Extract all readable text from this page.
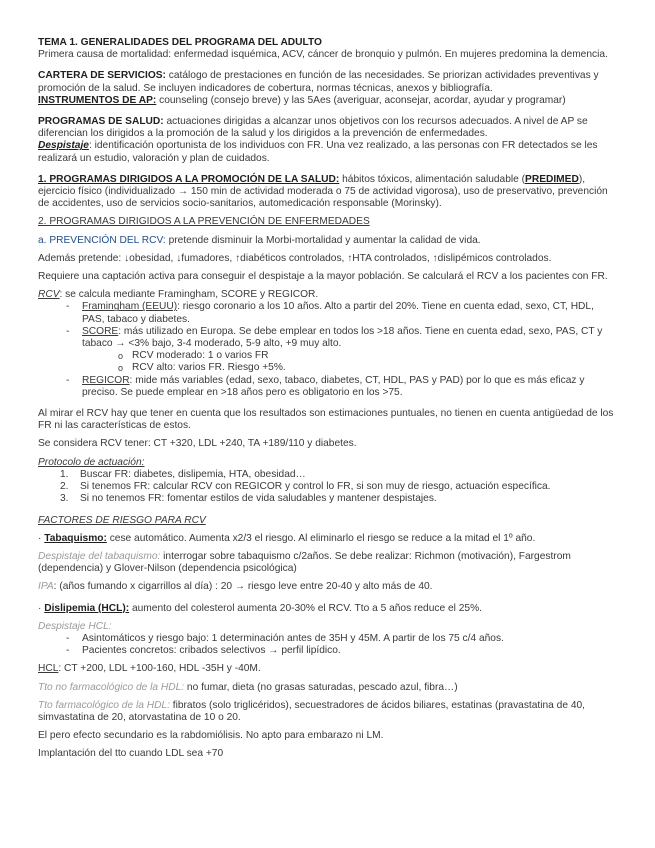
TEMA 1. GENERALIDADES DEL PROGRAMA DEL ADULTO

Primera causa de mortalidad: enfermedad isquémica, ACV, cáncer de bronquio y pulmón. En mujeres predomina la demencia.

CARTERA DE SERVICIOS: catálogo de prestaciones en función de las necesidades. Se priorizan actividades preventivas y promoción de la salud. Se incluyen indicadores de cobertura, normas técnicas, anexos y bibliografía.

INSTRUMENTOS DE AP: counseling (consejo breve) y las 5Aes (averiguar, aconsejar, acordar, ayudar y programar)

PROGRAMAS DE SALUD: actuaciones dirigidas a alcanzar unos objetivos con los recursos adecuados. A nivel de AP se diferencian los dirigidos a la promoción de la salud y los dirigidos a la prevención de enfermedades.

Despistaje: identificación oportunista de los individuos con FR. Una vez realizado, a las personas con FR detectados se les realizará un estudio, valoración y plan de cuidados.

1. PROGRAMAS DIRIGIDOS A LA PROMOCIÓN DE LA SALUD: hábitos tóxicos, alimentación saludable (PREDIMED), ejercicio físico (individualizado → 150 min de actividad moderada o 75 de actividad vigorosa), uso de preservativo, prevención de accidentes, uso de servicios socio-sanitarios, automedicación responsable (Morinsky).

2. PROGRAMAS DIRIGIDOS A LA PREVENCIÓN DE ENFERMEDADES

a. PREVENCIÓN DEL RCV: pretende disminuir la Morbi-mortalidad y aumentar la calidad de vida.

Además pretende: ↓obesidad, ↓fumadores, ↑diabéticos controlados, ↑HTA controlados, ↑dislipémicos controlados.

Requiere una captación activa para conseguir el despistaje a la mayor población. Se calculará el RCV a los pacientes con FR.

RCV: se calcula mediante Framingham, SCORE y REGICOR.

- Framingham (EEUU): riesgo coronario a los 10 años. Alto a partir del 20%. Tiene en cuenta edad, sexo, CT, HDL, PAS, tabaco y diabetes.
- SCORE: más utilizado en Europa. Se debe emplear en todos los >18 años. Tiene en cuenta edad, sexo, PAS, CT y tabaco → <3% bajo, 3-4 moderado, 5-9 alto, +9 muy alto.
o RCV moderado: 1 o varios FR
o RCV alto: varios FR. Riesgo +5%.
- REGICOR: mide más variables (edad, sexo, tabaco, diabetes, CT, HDL, PAS y PAD) por lo que es más eficaz y preciso. Se puede emplear en >18 años pero es obligatorio en los >75.

Al mirar el RCV hay que tener en cuenta que los resultados son estimaciones puntuales, no tienen en cuenta antigüedad de los FR ni las características de estos.

Se considera RCV tener: CT +320, LDL +240, TA +189/110 y diabetes.

Protocolo de actuación:

1. Buscar FR: diabetes, dislipemia, HTA, obesidad…
2. Si tenemos FR: calcular RCV con REGICOR y control lo FR, si son muy de riesgo, actuación específica.
3. Si no tenemos FR: fomentar estilos de vida saludables y mantener despistajes.

FACTORES DE RIESGO PARA RCV

· Tabaquismo: cese automático. Aumenta x2/3 el riesgo. Al eliminarlo el riesgo se reduce a la mitad el 1º año.

Despistaje del tabaquismo: interrogar sobre tabaquismo c/2años. Se debe realizar: Richmon (motivación), Fargestrom (dependencia) y Glover-Nilson (dependencia psicológica)

IPA: (años fumando x cigarrillos al día) : 20 → riesgo leve entre 20-40 y alto más de 40.

· Dislipemia (HCL): aumento del colesterol aumenta 20-30% el RCV. Tto a 5 años reduce el 25%.

Despistaje HCL:

- Asintomáticos y riesgo bajo: 1 determinación antes de 35H y 45M. A partir de los 75 c/4 años.
- Pacientes concretos: cribados selectivos → perfil lipídico.

HCL: CT +200, LDL +100-160, HDL -35H y -40M.

Tto no farmacológico de la HDL: no fumar, dieta (no grasas saturadas, pescado azul, fibra…)

Tto farmacológico de la HDL: fibratos (solo triglicéridos), secuestradores de ácidos biliares, estatinas (pravastatina de 40, simvastatina de 20, atorvastatina de 10 o 20.

El pero efecto secundario es la rabdomiólisis. No apto para embarazo ni LM.

Implantación del tto cuando LDL sea +70
